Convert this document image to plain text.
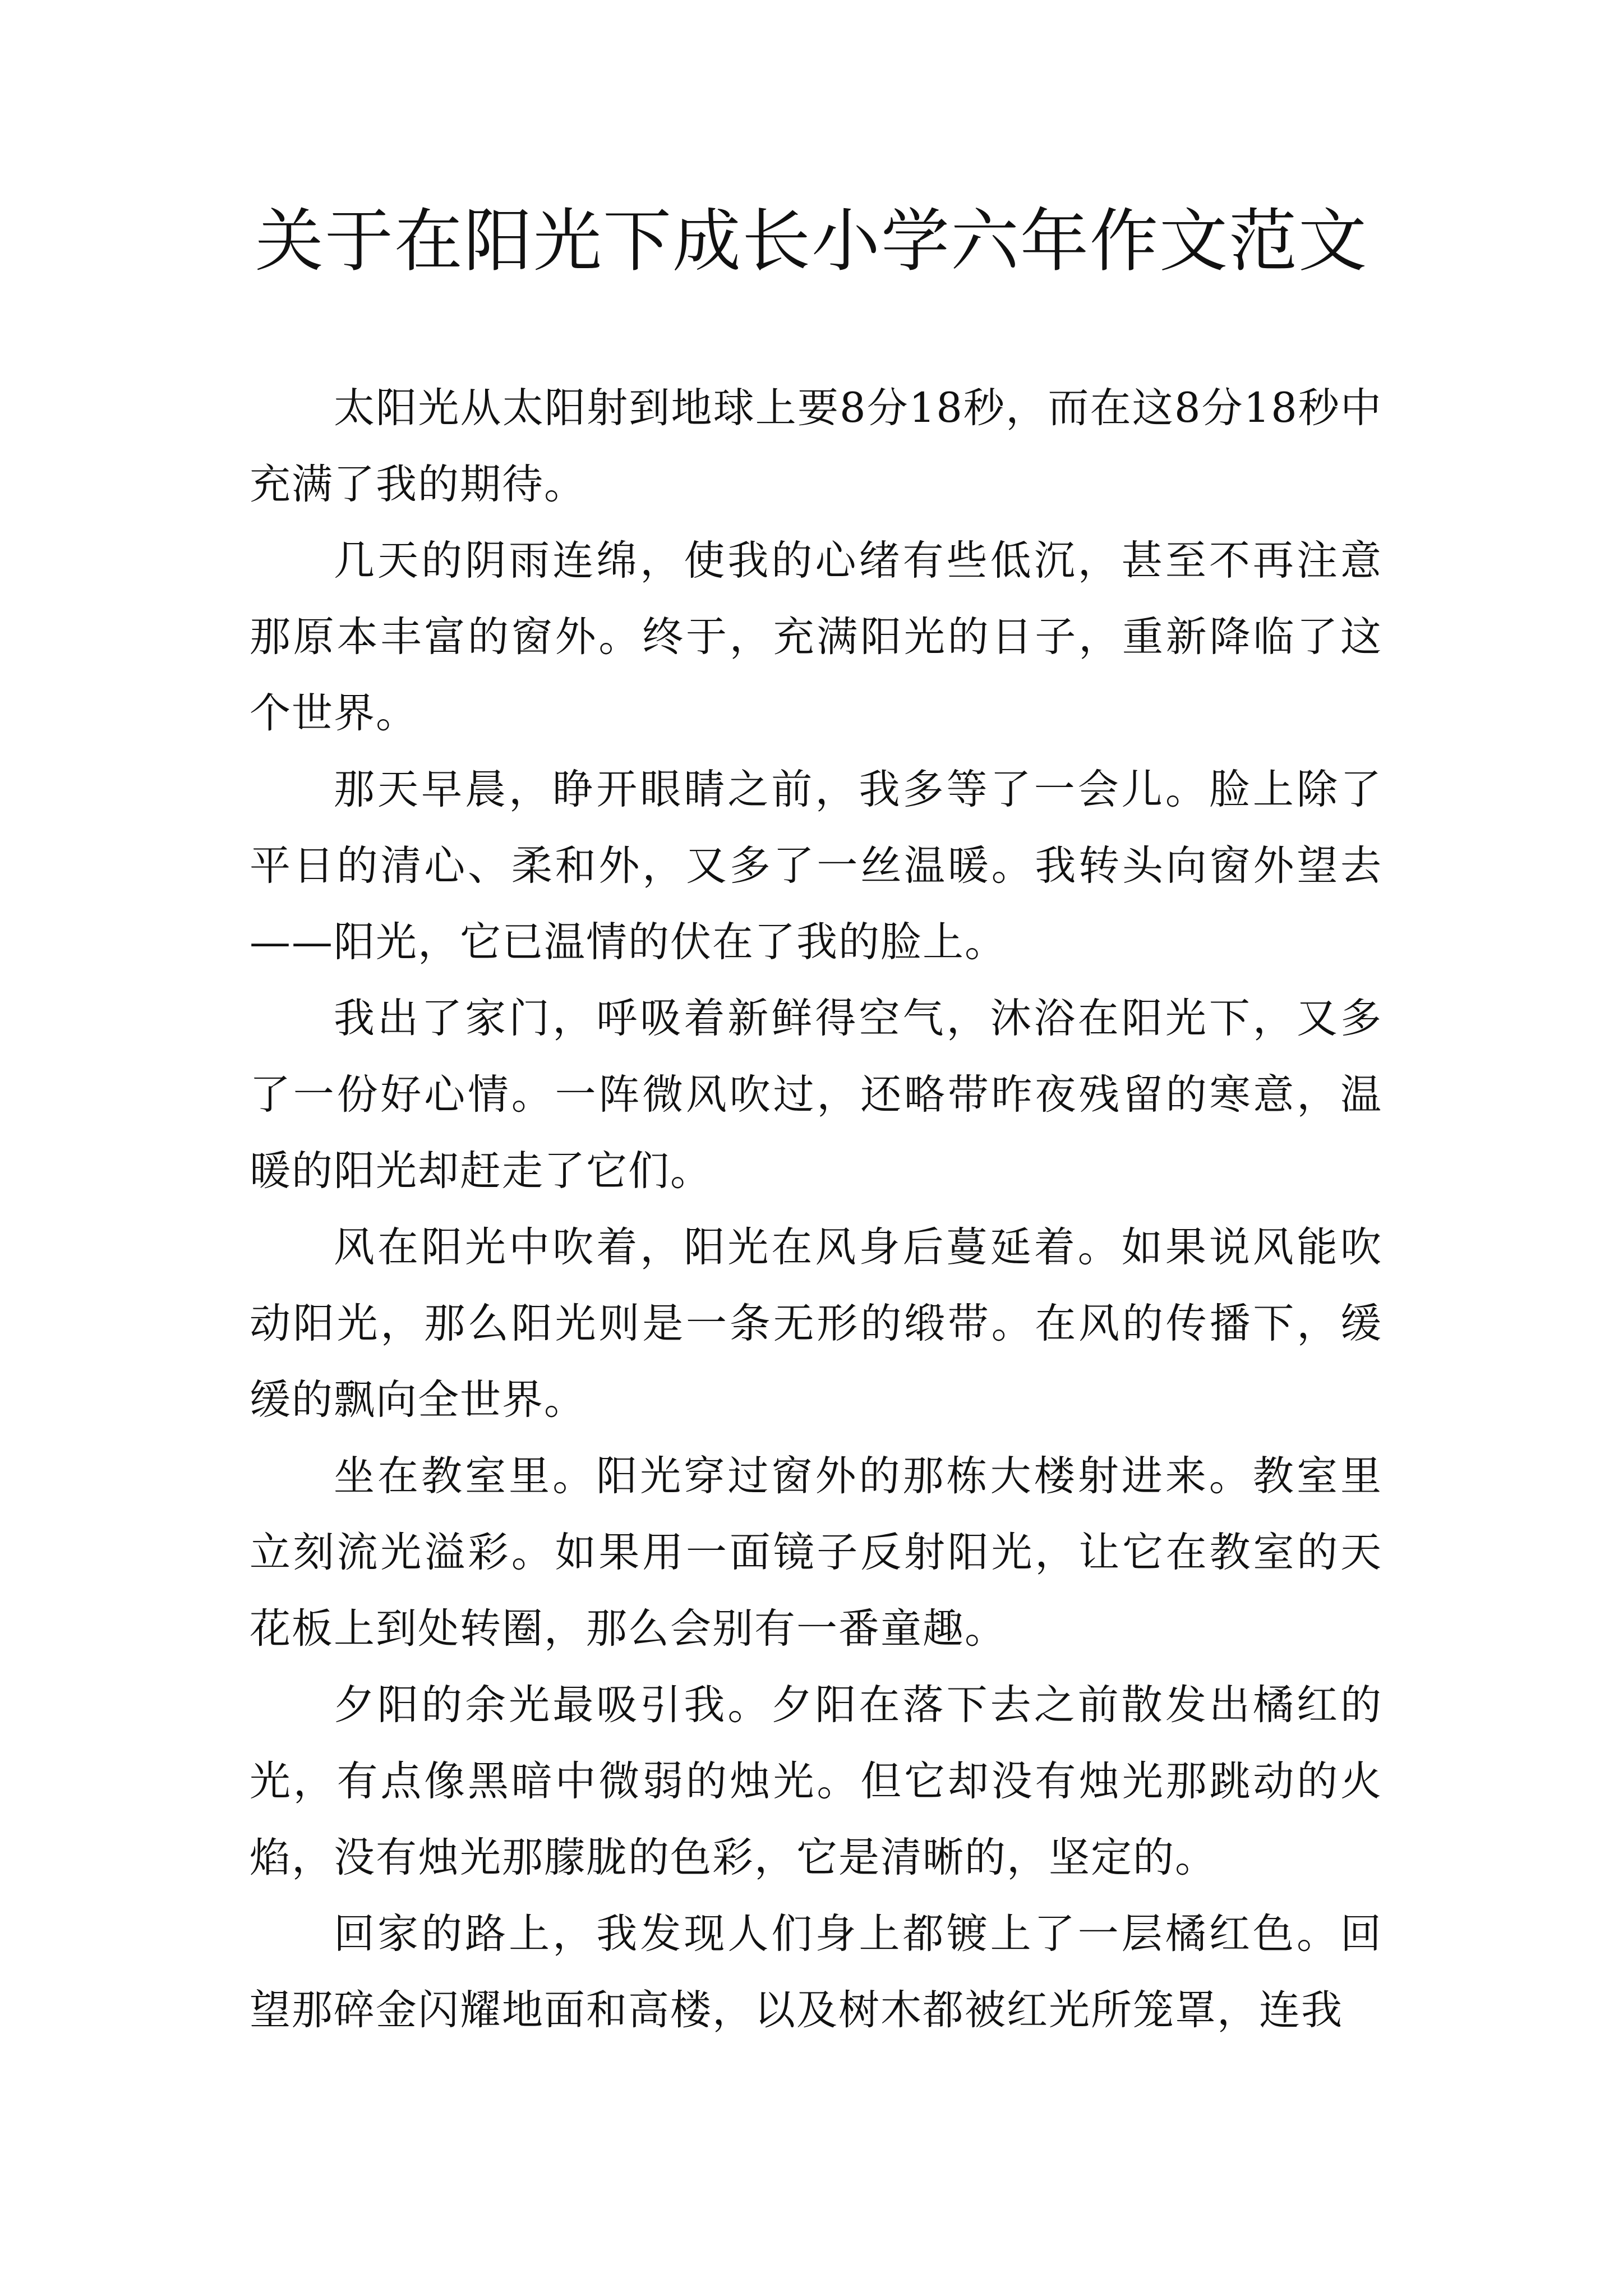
关于在阳光下成长小学六年作文范文

太阳光从太阳射到地球上要8分18秒，而在这8分18秒中充满了我的期待。

几天的阴雨连绵，使我的心绪有些低沉，甚至不再注意那原本丰富的窗外。终于，充满阳光的日子，重新降临了这个世界。

那天早晨，睁开眼睛之前，我多等了一会儿。脸上除了平日的清心、柔和外，又多了一丝温暖。我转头向窗外望去——阳光，它已温情的伏在了我的脸上。

我出了家门，呼吸着新鲜得空气，沐浴在阳光下，又多了一份好心情。一阵微风吹过，还略带昨夜残留的寒意，温暖的阳光却赶走了它们。

风在阳光中吹着，阳光在风身后蔓延着。如果说风能吹动阳光，那么阳光则是一条无形的缎带。在风的传播下，缓缓的飘向全世界。

坐在教室里。阳光穿过窗外的那栋大楼射进来。教室里立刻流光溢彩。如果用一面镜子反射阳光，让它在教室的天花板上到处转圈，那么会别有一番童趣。

夕阳的余光最吸引我。夕阳在落下去之前散发出橘红的光，有点像黑暗中微弱的烛光。但它却没有烛光那跳动的火焰，没有烛光那朦胧的色彩，它是清晰的，坚定的。

回家的路上，我发现人们身上都镀上了一层橘红色。回望那碎金闪耀地面和高楼，以及树木都被红光所笼罩，连我
